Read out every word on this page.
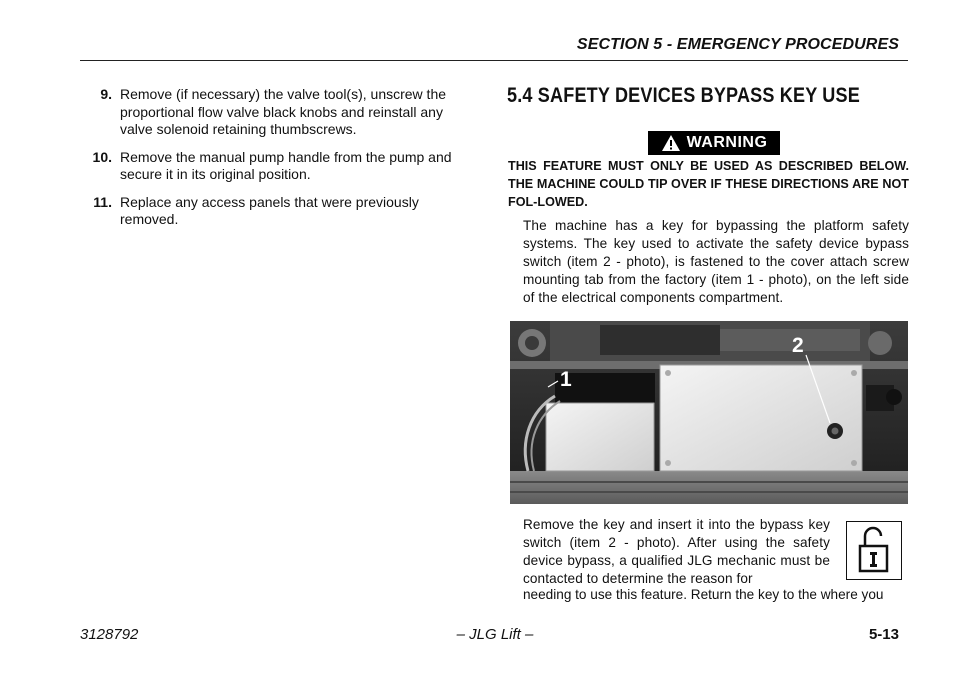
SECTION 5 - EMERGENCY PROCEDURES
9. Remove (if necessary) the valve tool(s), unscrew the proportional flow valve black knobs and reinstall any valve solenoid retaining thumbscrews.
10. Remove the manual pump handle from the pump and secure it in its original position.
11. Replace any access panels that were previously removed.
5.4 SAFETY DEVICES BYPASS KEY USE
WARNING
THIS FEATURE MUST ONLY BE USED AS DESCRIBED BELOW. THE MACHINE COULD TIP OVER IF THESE DIRECTIONS ARE NOT FOL-LOWED.
The machine has a key for bypassing the platform safety systems. The key used to activate the safety device bypass switch (item 2 - photo), is fastened to the cover attach screw mounting tab from the factory (item 1 - photo), on the left side of the electrical components compartment.
1
2
Remove the key and insert it into the bypass key switch (item 2 - photo). After using the safety device bypass, a qualified JLG mechanic must be contacted to determine the reason for
needing to use this feature. Return the key to the where you
3128792	– JLG Lift –	5-13
